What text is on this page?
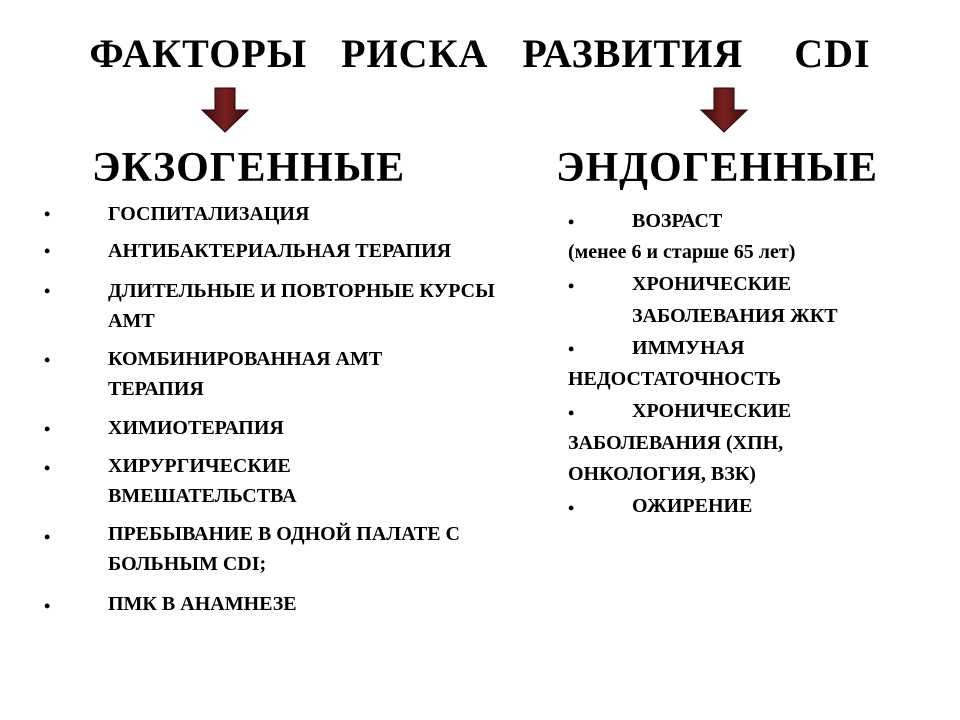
ФАКТОРЫ  РИСКА  РАЗВИТИЯ   CDI
ЭКЗОГЕННЫЕ	ЭНДОГЕННЫЕ
•	ГОСПИТАЛИЗАЦИЯ
•	АНТИБАКТЕРИАЛЬНАЯ ТЕРАПИЯ
•	ДЛИТЕЛЬНЫЕ И ПОВТОРНЫЕ КУРСЫ АМТ
•	КОМБИНИРОВАННАЯ АМТ ТЕРАПИЯ
•	ХИМИОТЕРАПИЯ
•	ХИРУРГИЧЕСКИЕ ВМЕШАТЕЛЬСТВА
•	ПРЕБЫВАНИЕ В ОДНОЙ ПАЛАТЕ С БОЛЬНЫМ CDI;
•	ПМК В АНАМНЕЗЕ
•	ВОЗРАСТ
(менее 6 и старше 65 лет)
•	ХРОНИЧЕСКИЕ
ЗАБОЛЕВАНИЯ ЖКТ
•	ИММУНАЯ
НЕДОСТАТОЧНОСТЬ
•	ХРОНИЧЕСКИЕ
ЗАБОЛЕВАНИЯ (ХПН,
ОНКОЛОГИЯ, ВЗК)
•	ОЖИРЕНИЕ
